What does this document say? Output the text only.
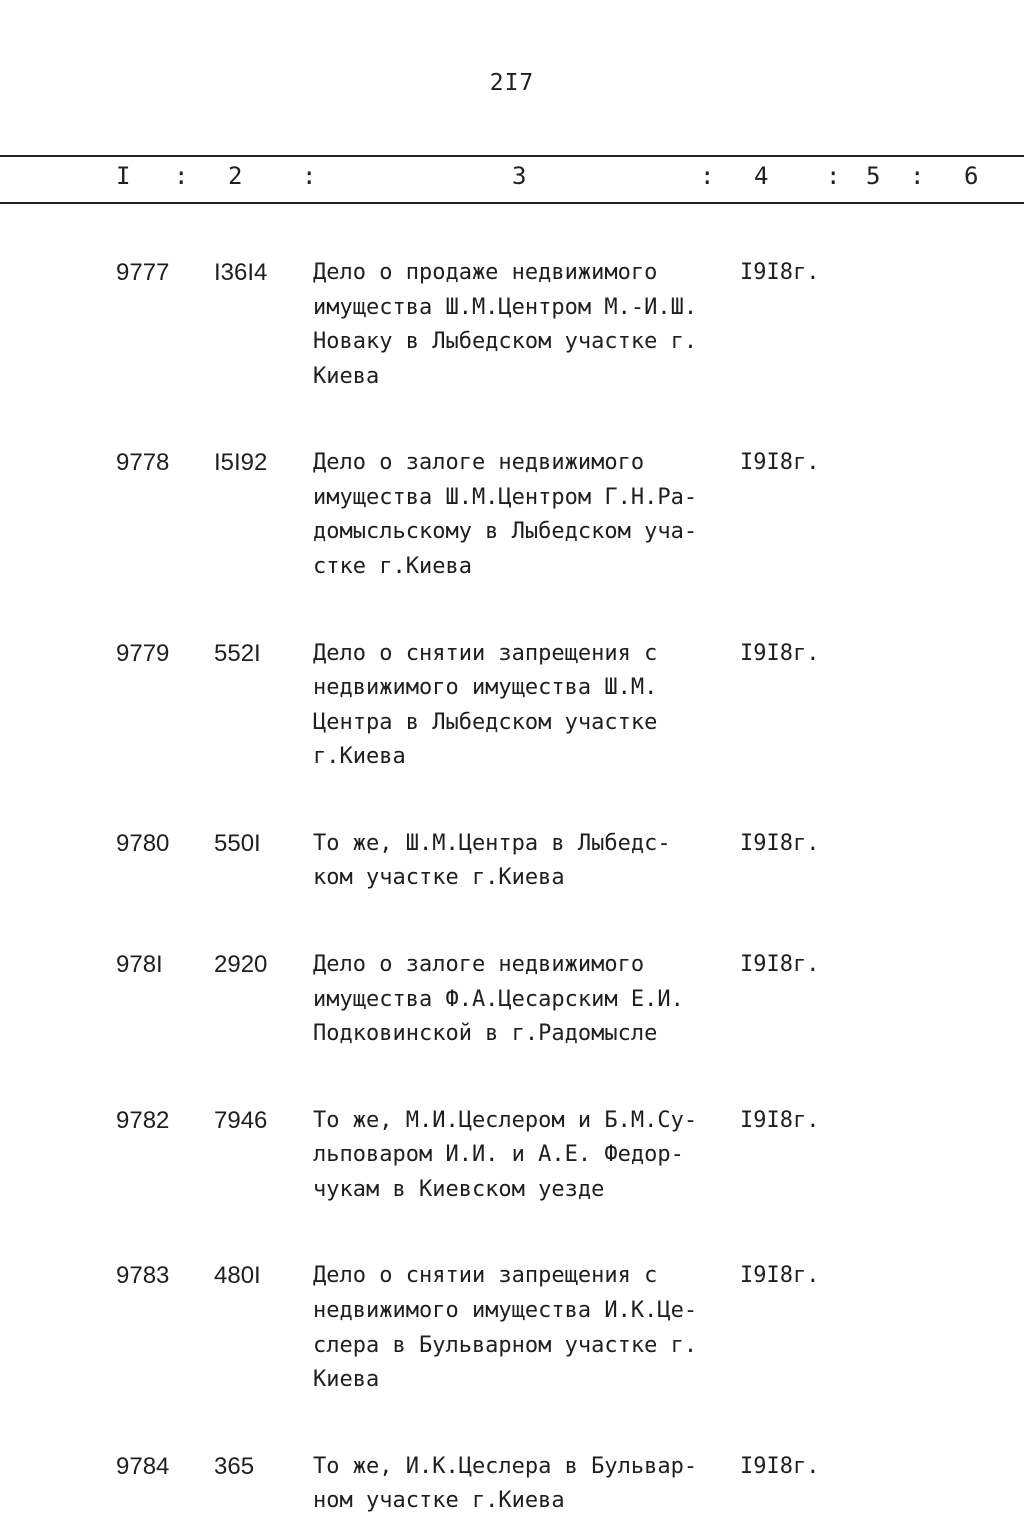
2I7
I : 2 :	3	: 4 : 5 : 6
9777 I36I4 Дело о продаже недвижимого
имущества Ш.М.Центром М.-И.Ш.
Новаку в Лыбедском участке г.
Киева
I9I8г.
9778 I5I92 Дело о залоге недвижимого
имущества Ш.М.Центром Г.Н.Ра-
домысльскому в Лыбедском уча-
стке г.Киева
I9I8г.
9779 552I Дело о снятии запрещения с
недвижимого имущества Ш.М.
Центра в Лыбедском участке
г.Киева
I9I8г.
9780 550I То же, Ш.М.Центра в Лыбедс-
ком участке г.Киева
I9I8г.
978I 2920 Дело о залоге недвижимого
имущества Ф.А.Цесарским Е.И.
Подковинской в г.Радомысле
I9I8г.
9782 7946 То же, М.И.Цеслером и Б.М.Су-
льповаром И.И. и А.Е. Федор-
чукам в Киевском уезде
I9I8г.
9783 480I Дело о снятии запрещения с
недвижимого имущества И.К.Це-
слера в Бульварном участке г.
Киева
I9I8г.
9784 365	То же, И.К.Цеслера в Бульвар-
ном участке г.Киева
I9I8г.
